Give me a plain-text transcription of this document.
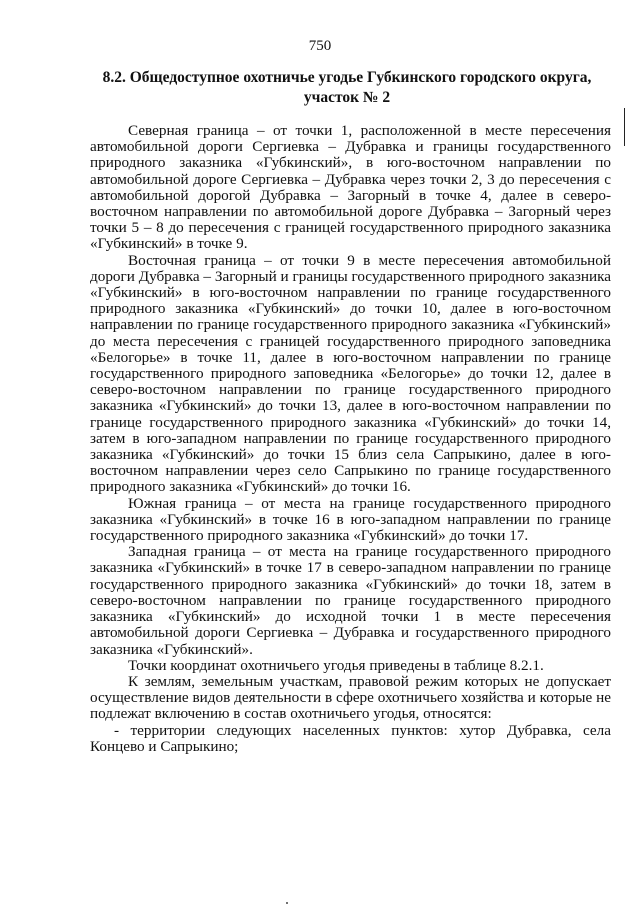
750
8.2. Общедоступное охотничье угодье Губкинского городского округа,
участок № 2

Северная граница – от точки 1, расположенной в месте пересечения автомобильной дороги Сергиевка – Дубравка и границы государственного природного заказника «Губкинский», в юго-восточном направлении по автомобильной дороге Сергиевка – Дубравка через точки 2, 3 до пересечения с автомобильной дорогой Дубравка – Загорный в точке 4, далее в северо-восточном направлении по автомобильной дороге Дубравка – Загорный через точки 5 – 8 до пересечения с границей государственного природного заказника «Губкинский» в точке 9.

Восточная граница – от точки 9 в месте пересечения автомобильной дороги Дубравка – Загорный и границы государственного природного заказника «Губкинский» в юго-восточном направлении по границе государственного природного заказника «Губкинский» до точки 10, далее в юго-восточном направлении по границе государственного природного заказника «Губкинский» до места пересечения с границей государственного природного заповедника «Белогорье» в точке 11, далее в юго-восточном направлении по границе государственного природного заповедника «Белогорье» до точки 12, далее в северо-восточном направлении по границе государственного природного заказника «Губкинский» до точки 13, далее в юго-восточном направлении по границе государственного природного заказника «Губкинский» до точки 14, затем в юго-западном направлении по границе государственного природного заказника «Губкинский» до точки 15 близ села Сапрыкино, далее в юго-восточном направлении через село Сапрыкино по границе государственного природного заказника «Губкинский» до точки 16.

Южная граница – от места на границе государственного природного заказника «Губкинский» в точке 16 в юго-западном направлении по границе государственного природного заказника «Губкинский» до точки 17.

Западная граница – от места на границе государственного природного заказника «Губкинский» в точке 17 в северо-западном направлении по границе государственного природного заказника «Губкинский» до точки 18, затем в северо-восточном направлении по границе государственного природного заказника «Губкинский» до исходной точки 1 в месте пересечения автомобильной дороги Сергиевка – Дубравка и государственного природного заказника «Губкинский».

Точки координат охотничьего угодья приведены в таблице 8.2.1.

К землям, земельным участкам, правовой режим которых не допускает осуществление видов деятельности в сфере охотничьего хозяйства и которые не подлежат включению в состав охотничьего угодья, относятся:

- территории следующих населенных пунктов: хутор Дубравка, села Концево и Сапрыкино;
